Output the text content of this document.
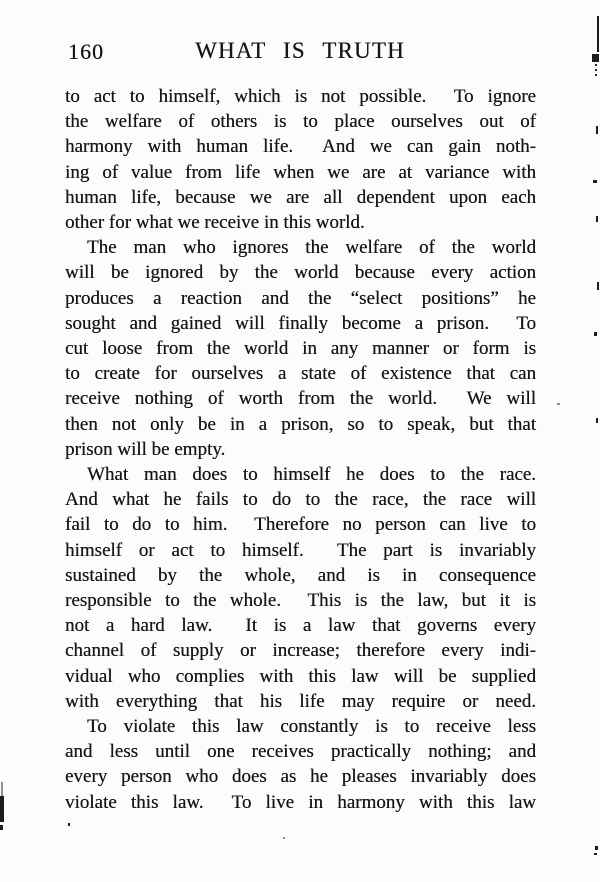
160	WHAT IS TRUTH
to act to himself, which is not possible.  To ignore
the welfare of others is to place ourselves out of
harmony with human life.  And we can gain noth-
ing of value from life when we are at variance with
human life, because we are all dependent upon each
other for what we receive in this world.
The man who ignores the welfare of the world
will be ignored by the world because every action
produces a reaction and the “select positions” he
sought and gained will finally become a prison.  To
cut loose from the world in any manner or form is
to create for ourselves a state of existence that can
receive nothing of worth from the world.  We will
then not only be in a prison, so to speak, but that
prison will be empty.
What man does to himself he does to the race.
And what he fails to do to the race, the race will
fail to do to him.  Therefore no person can live to
himself or act to himself.  The part is invariably
sustained by the whole, and is in consequence
responsible to the whole.  This is the law, but it is
not a hard law.  It is a law that governs every
channel of supply or increase; therefore every indi-
vidual who complies with this law will be supplied
with everything that his life may require or need.
To violate this law constantly is to receive less
and less until one receives practically nothing; and
every person who does as he pleases invariably does
violate this law.  To live in harmony with this law
